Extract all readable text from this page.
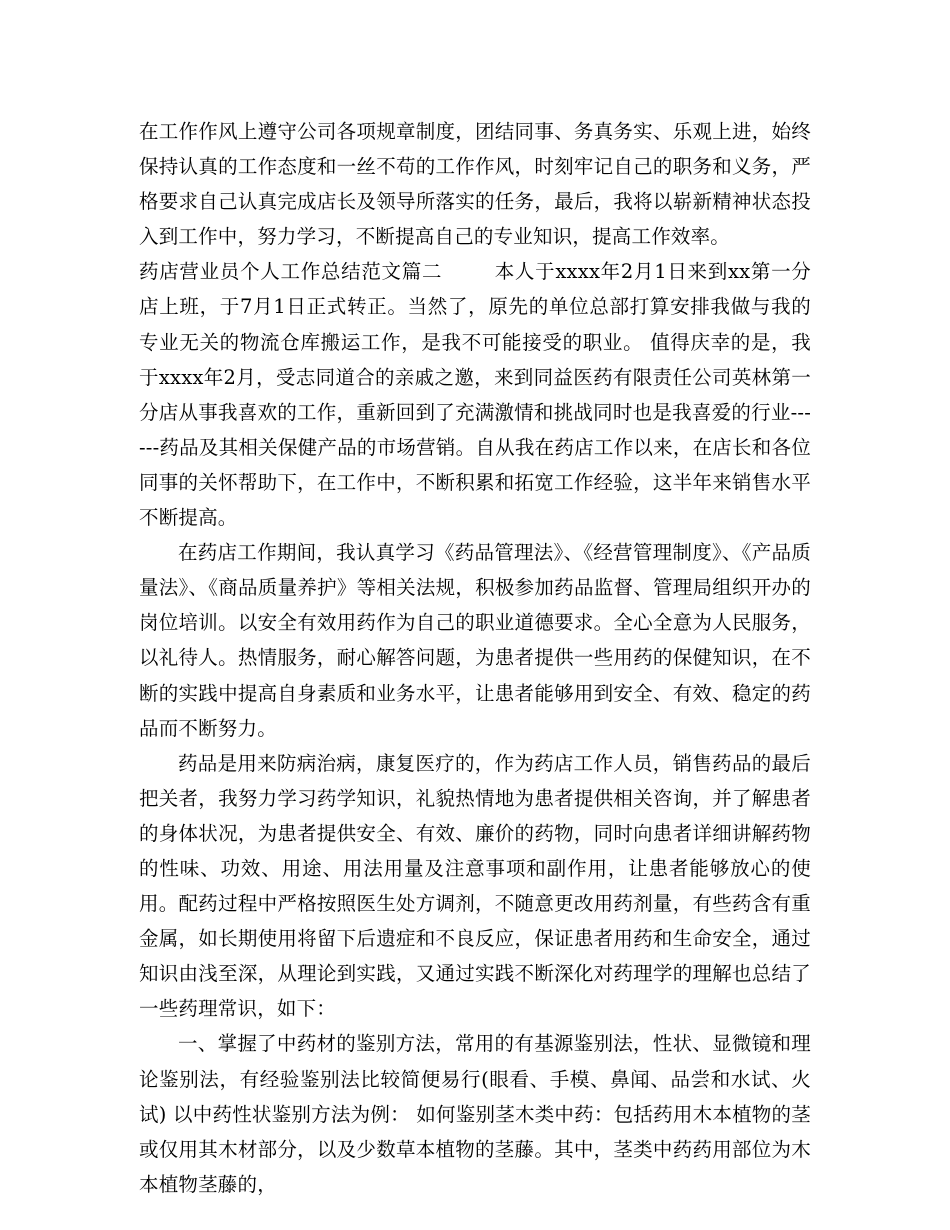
在工作作风上遵守公司各项规章制度，团结同事、务真务实、乐观上进，始终保持认真的工作态度和一丝不苟的工作作风，时刻牢记自己的职务和义务，严格要求自己认真完成店长及领导所落实的任务，最后，我将以崭新精神状态投入到工作中，努力学习，不断提高自己的专业知识，提高工作效率。

药店营业员个人工作总结范文篇二	本人于xxxx年2月1日来到xx第一分店上班，于7月1日正式转正。当然了，原先的单位总部打算安排我做与我的专业无关的物流仓库搬运工作，是我不可能接受的职业。 值得庆幸的是，我于xxxx年2月，受志同道合的亲戚之邀，来到同益医药有限责任公司英林第一分店从事我喜欢的工作，重新回到了充满激情和挑战同时也是我喜爱的行业------药品及其相关保健产品的市场营销。自从我在药店工作以来，在店长和各位同事的关怀帮助下，在工作中，不断积累和拓宽工作经验，这半年来销售水平不断提高。

在药店工作期间，我认真学习《药品管理法》、《经营管理制度》、《产品质量法》、《商品质量养护》等相关法规，积极参加药品监督、管理局组织开办的岗位培训。以安全有效用药作为自己的职业道德要求。全心全意为人民服务，以礼待人。热情服务，耐心解答问题，为患者提供一些用药的保健知识，在不断的实践中提高自身素质和业务水平，让患者能够用到安全、有效、稳定的药品而不断努力。

药品是用来防病治病，康复医疗的，作为药店工作人员，销售药品的最后把关者，我努力学习药学知识，礼貌热情地为患者提供相关咨询，并了解患者的身体状况，为患者提供安全、有效、廉价的药物，同时向患者详细讲解药物的性味、功效、用途、用法用量及注意事项和副作用，让患者能够放心的使用。配药过程中严格按照医生处方调剂，不随意更改用药剂量，有些药含有重金属，如长期使用将留下后遗症和不良反应，保证患者用药和生命安全，通过知识由浅至深，从理论到实践，又通过实践不断深化对药理学的理解也总结了一些药理常识，如下：

一、掌握了中药材的鉴别方法，常用的有基源鉴别法，性状、显微镜和理论鉴别法，有经验鉴别法比较简便易行(眼看、手模、鼻闻、品尝和水试、火试) 以中药性状鉴别方法为例： 如何鉴别茎木类中药：包括药用木本植物的茎或仅用其木材部分，以及少数草本植物的茎藤。其中，茎类中药药用部位为木本植物茎藤的，
